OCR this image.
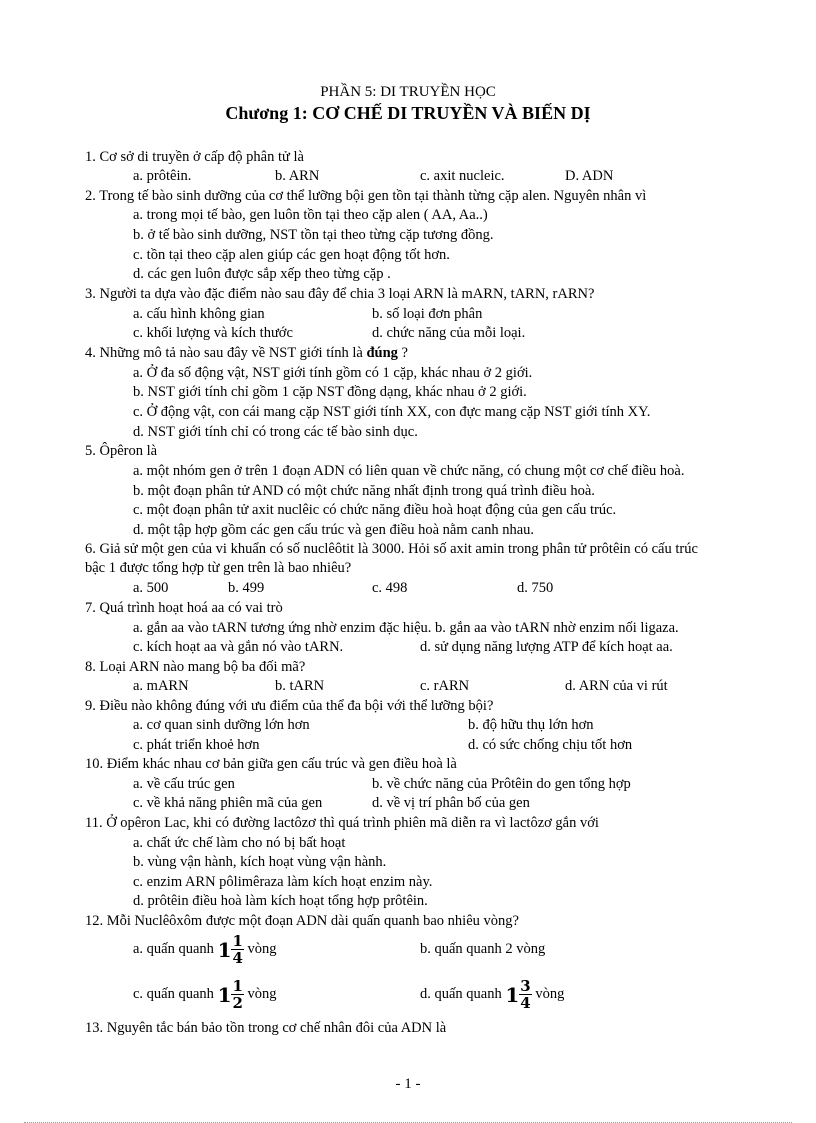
PHẦN 5: DI TRUYỀN HỌC
Chương 1: CƠ CHẾ DI TRUYỀN VÀ BIẾN DỊ
1. Cơ sở di truyền ở cấp độ phân tử là
a. prôtêin.	b. ARN	c. axit nucleic.	D. ADN
2. Trong tế bào sinh dưỡng của cơ thể lưỡng bội gen tồn tại thành từng cặp alen. Nguyên nhân vì
a. trong mọi tế bào, gen luôn tồn tại theo cặp alen ( AA, Aa..)
b. ở tế bào sinh dưỡng, NST tồn tại theo từng cặp tương đồng.
c. tồn tại theo cặp alen giúp các gen hoạt động tốt hơn.
d. các gen luôn được sắp xếp theo từng cặp .
3. Người ta dựa vào đặc điểm nào sau đây để chia 3 loại ARN là mARN, tARN, rARN?
a. cấu hình không gian	b. số loại đơn phân
c. khối lượng và kích thước	d. chức năng của mỗi loại.
4. Những mô tả nào sau đây về NST giới tính là đúng ?
a. Ở đa số động vật, NST giới tính gồm có 1 cặp, khác nhau ở 2 giới.
b. NST giới tính chỉ gồm 1 cặp NST đồng dạng, khác nhau ở 2 giới.
c. Ở động vật, con cái mang cặp NST giới tính XX, con đực mang cặp NST giới tính XY.
d. NST giới tính chỉ có trong các tế bào sinh dục.
5. Ôpêron là
a. một nhóm gen ở trên 1 đoạn ADN có liên quan về chức năng, có chung một cơ chế điều hoà.
b. một đoạn phân tử AND có một chức năng nhất định trong quá trình điều hoà.
c. một đoạn phân tử axit nuclêic có chức năng điều hoà hoạt động của gen cấu trúc.
d. một tập hợp gồm các gen cấu trúc và gen điều hoà nằm canh nhau.
6. Giả sử một gen của vi khuẩn có số nuclêôtit là 3000. Hỏi số axit amin trong phân tử prôtêin có cấu trúc
bậc 1 được tổng hợp từ gen trên là bao nhiêu?
a. 500	b. 499	c. 498	d. 750
7. Quá trình hoạt hoá aa có vai trò
a. gắn aa vào tARN tương ứng nhờ enzim đặc hiệu. b. gắn aa vào tARN nhờ enzim nối ligaza.
c. kích hoạt aa và gắn nó vào tARN.	d. sử dụng năng lượng ATP để kích hoạt aa.
8. Loại ARN nào mang bộ ba đối mã?
a. mARN	b. tARN	c. rARN	d. ARN của vi rút
9. Điều nào không đúng với ưu điểm của thể đa bội với thể lưỡng bội?
a. cơ quan sinh dưỡng lớn hơn	b. độ hữu thụ lớn hơn
c. phát triển khoẻ hơn	d. có sức chống chịu tốt hơn
10. Điểm khác nhau cơ bản giữa gen cấu trúc và gen điều hoà là
a. về cấu trúc gen	b. về chức năng của Prôtêin do gen tổng hợp
c. về khả năng phiên mã của gen	d. về vị trí phân bố của gen
11. Ở opêron Lac, khi có đường lactôzơ thì quá trình phiên mã diễn ra vì lactôzơ gắn với
a. chất ức chế làm cho nó bị bất hoạt
b. vùng vận hành, kích hoạt vùng vận hành.
c. enzim ARN pôlimêraza làm kích hoạt enzim này.
d. prôtêin điều hoà làm kích hoạt tổng hợp prôtêin.
12. Mỗi Nuclêôxôm được một đoạn ADN dài quấn quanh bao nhiêu vòng?
a. quấn quanh $1 \frac{1}{4}$ vòng	b. quấn quanh 2 vòng
c. quấn quanh $1 \frac{1}{2}$ vòng	d. quấn quanh $1 \frac{3}{4}$ vòng
13. Nguyên tắc bán bảo tồn trong cơ chế nhân đôi của ADN là
- 1 -
